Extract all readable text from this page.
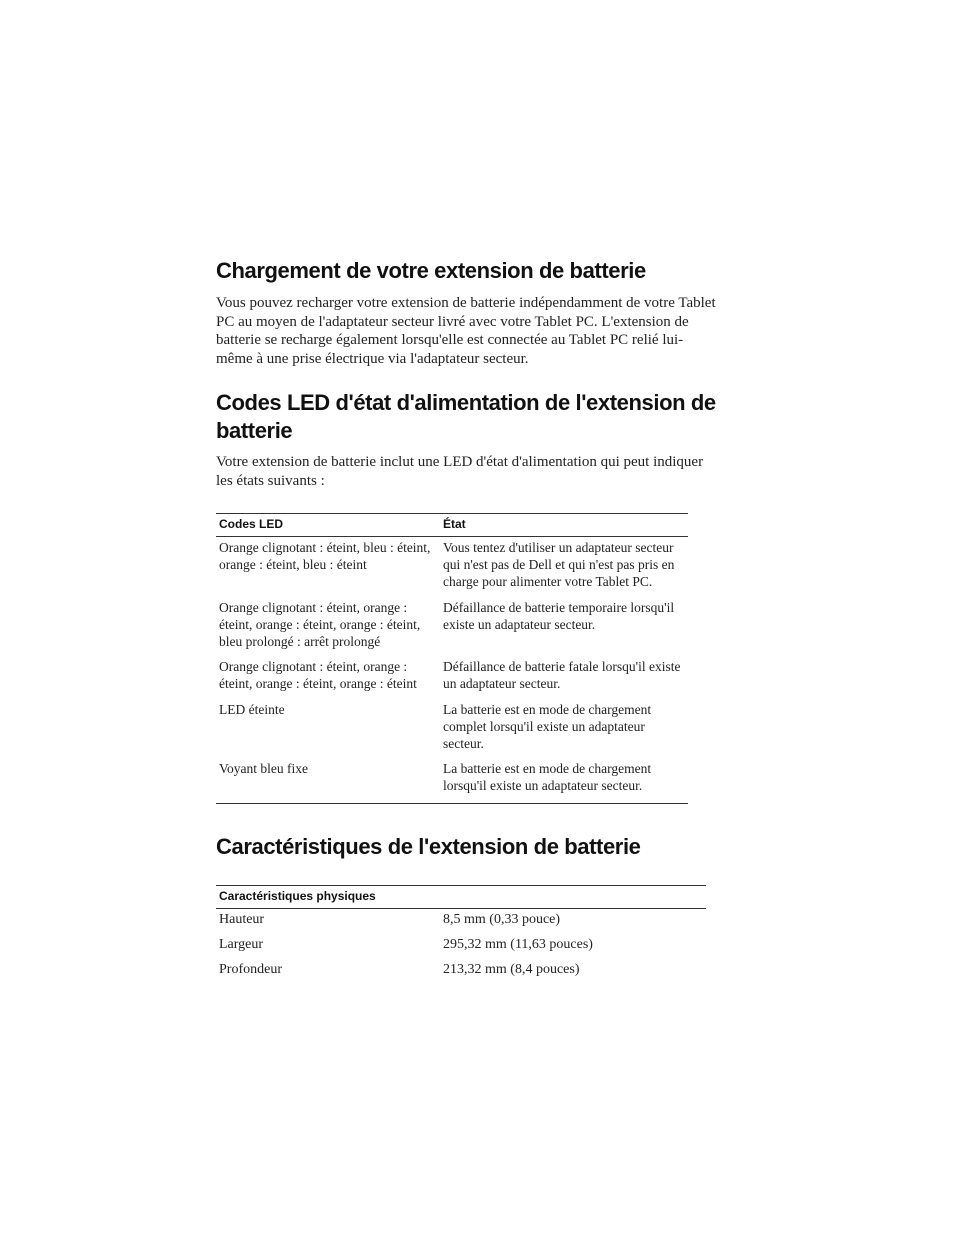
Chargement de votre extension de batterie

Vous pouvez recharger votre extension de batterie indépendamment de votre Tablet PC au moyen de l'adaptateur secteur livré avec votre Tablet PC. L'extension de batterie se recharge également lorsqu'elle est connectée au Tablet PC relié lui-même à une prise électrique via l'adaptateur secteur.

Codes LED d'état d'alimentation de l'extension de batterie

Votre extension de batterie inclut une LED d'état d'alimentation qui peut indiquer les états suivants :

Codes LED	État
Orange clignotant : éteint, bleu : éteint, orange : éteint, bleu : éteint	Vous tentez d'utiliser un adaptateur secteur qui n'est pas de Dell et qui n'est pas pris en charge pour alimenter votre Tablet PC.
Orange clignotant : éteint, orange : éteint, orange : éteint, orange : éteint, bleu prolongé : arrêt prolongé	Défaillance de batterie temporaire lorsqu'il existe un adaptateur secteur.
Orange clignotant : éteint, orange : éteint, orange : éteint, orange : éteint	Défaillance de batterie fatale lorsqu'il existe un adaptateur secteur.
LED éteinte	La batterie est en mode de chargement complet lorsqu'il existe un adaptateur secteur.
Voyant bleu fixe	La batterie est en mode de chargement lorsqu'il existe un adaptateur secteur.
Caractéristiques de l'extension de batterie
Caractéristiques physiques	
Hauteur	8,5 mm (0,33 pouce)
Largeur	295,32 mm (11,63 pouces)
Profondeur	213,32 mm (8,4 pouces)
